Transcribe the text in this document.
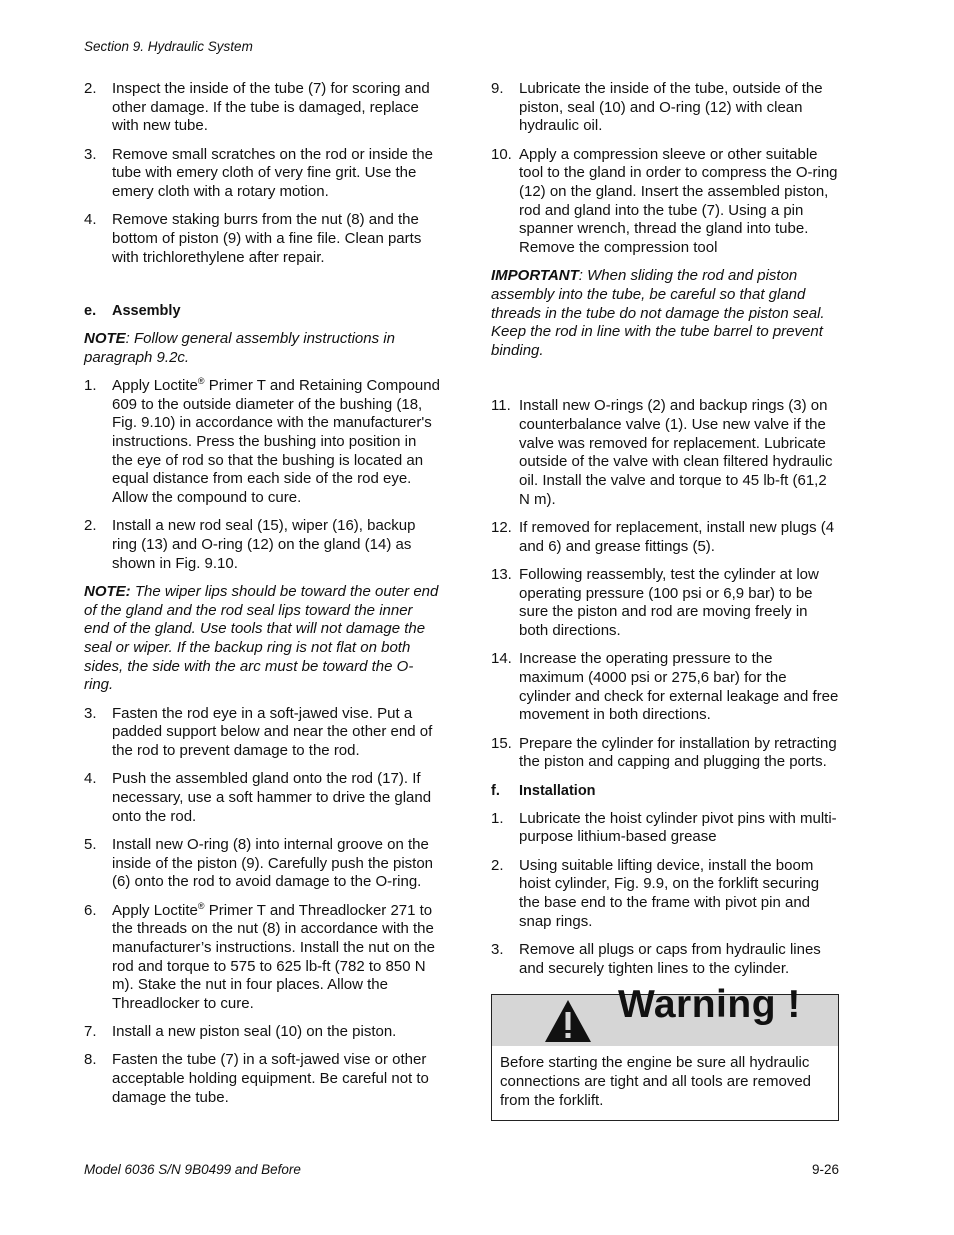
Section 9. Hydraulic System
2.	Inspect the inside of the tube (7) for scoring and other damage. If the tube is damaged, replace with new tube.
3.	Remove small scratches on the rod or inside the tube with emery cloth of very fine grit. Use the emery cloth with a rotary motion.
4.	Remove staking burrs from the nut (8) and the bottom of piston (9) with a fine file. Clean parts with trichlorethylene after repair.
e. Assembly
NOTE: Follow general assembly instructions in paragraph 9.2c.
1.	Apply Loctite® Primer T and Retaining Compound 609 to the outside diameter of the bushing (18, Fig. 9.10) in accordance with the manufacturer's instructions. Press the bushing into position in the eye of rod so that the bushing is located an equal distance from each side of the rod eye. Allow the compound to cure.
2.	Install a new rod seal (15), wiper (16), backup ring (13) and O-ring (12) on the gland (14) as shown in Fig. 9.10.
NOTE: The wiper lips should be toward the outer end of the gland and the rod seal lips toward the inner end of the gland. Use tools that will not damage the seal or wiper. If the backup ring is not flat on both sides, the side with the arc must be toward the O-ring.
3.	Fasten the rod eye in a soft-jawed vise. Put a padded support below and near the other end of the rod to prevent damage to the rod.
4.	Push the assembled gland onto the rod (17). If necessary, use a soft hammer to drive the gland onto the rod.
5.	Install new O-ring (8) into internal groove on the inside of the piston (9). Carefully push the piston (6) onto the rod to avoid damage to the O-ring.
6.	Apply Loctite® Primer T and Threadlocker 271 to the threads on the nut (8) in accordance with the manufacturer’s instructions. Install the nut on the rod and torque to 575 to 625 lb-ft (782 to 850 N m). Stake the nut in four places. Allow the Threadlocker to cure.
7.	Install a new piston seal (10) on the piston.
8.	Fasten the tube (7) in a soft-jawed vise or other acceptable holding equipment. Be careful not to damage the tube.
9.	Lubricate the inside of the tube, outside of the piston, seal (10) and O-ring (12) with clean hydraulic oil.
10. Apply a compression sleeve or other suitable tool to the gland in order to compress the O-ring (12) on the gland. Insert the assembled piston, rod and gland into the tube (7). Using a pin spanner wrench, thread the gland into tube. Remove the compression tool
IMPORTANT: When sliding the rod and piston assembly into the tube, be careful so that gland threads in the tube do not damage the piston seal. Keep the rod in line with the tube barrel to prevent binding.
11. Install new O-rings (2) and backup rings (3) on counterbalance valve (1). Use new valve if the valve was removed for replacement. Lubricate outside of the valve with clean filtered hydraulic oil. Install the valve and torque to 45 lb-ft (61,2 N m).
12. If removed for replacement, install new plugs (4 and 6) and grease fittings (5).
13. Following reassembly, test the cylinder at low operating pressure (100 psi or 6,9 bar) to be sure the piston and rod are moving freely in both directions.
14. Increase the operating pressure to the maximum (4000 psi or 275,6 bar) for the cylinder and check for external leakage and free movement in both directions.
15. Prepare the cylinder for installation by retracting the piston and capping and plugging the ports.
f. Installation
1.	Lubricate the hoist cylinder pivot pins with multi-purpose lithium-based grease
2.	Using suitable lifting device, install the boom hoist cylinder, Fig. 9.9, on the forklift securing the base end to the frame with pivot pin and snap rings.
3.	Remove all plugs or caps from hydraulic lines and securely tighten lines to the cylinder.
Warning !
Before starting the engine be sure all hydraulic connections are tight and all tools are removed from the forklift.
Model 6036 S/N 9B0499 and Before	9-26
